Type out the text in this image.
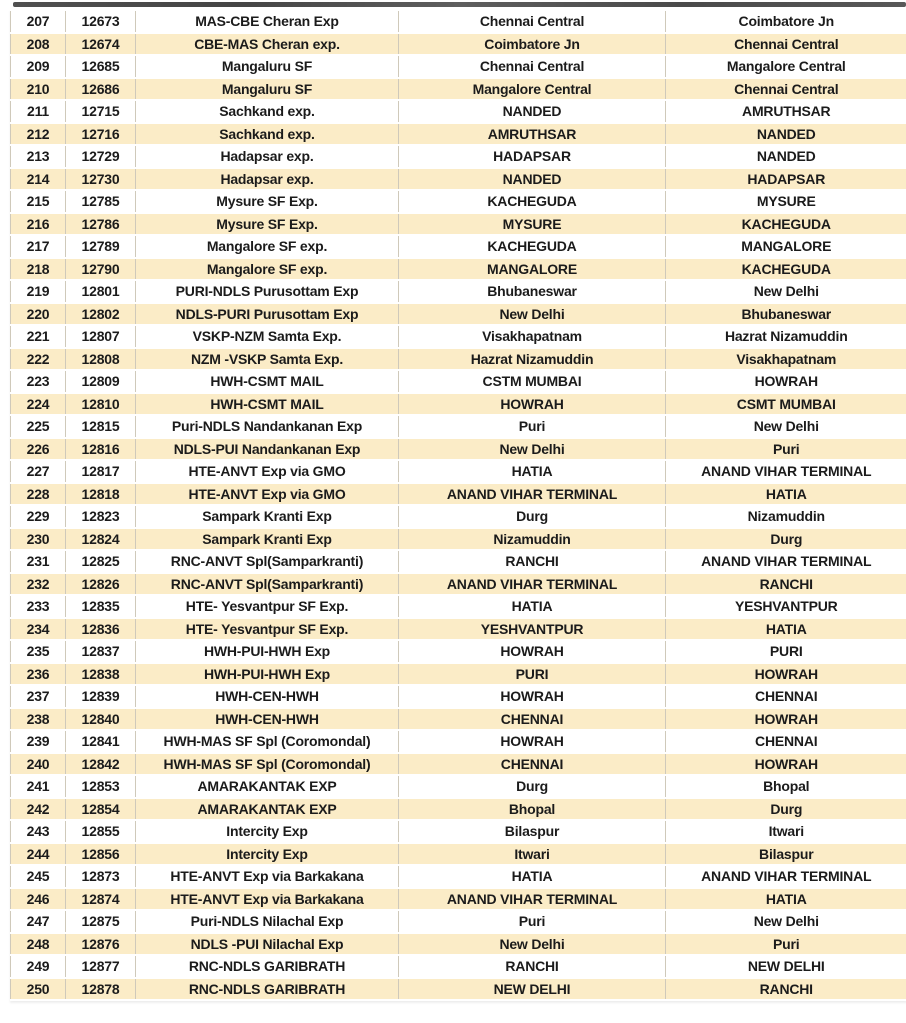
207	12673	MAS-CBE Cheran Exp	Chennai Central	Coimbatore Jn
208	12674	CBE-MAS Cheran exp.	Coimbatore Jn	Chennai Central
209	12685	Mangaluru SF	Chennai Central	Mangalore Central
210	12686	Mangaluru SF	Mangalore Central	Chennai Central
211	12715	Sachkand exp.	NANDED	AMRUTHSAR
212	12716	Sachkand exp.	AMRUTHSAR	NANDED
213	12729	Hadapsar exp.	HADAPSAR	NANDED
214	12730	Hadapsar exp.	NANDED	HADAPSAR
215	12785	Mysure SF Exp.	KACHEGUDA	MYSURE
216	12786	Mysure SF Exp.	MYSURE	KACHEGUDA
217	12789	Mangalore SF exp.	KACHEGUDA	MANGALORE
218	12790	Mangalore SF exp.	MANGALORE	KACHEGUDA
219	12801	PURI-NDLS Purusottam Exp	Bhubaneswar	New Delhi
220	12802	NDLS-PURI Purusottam Exp	New Delhi	Bhubaneswar
221	12807	VSKP-NZM Samta Exp.	Visakhapatnam	Hazrat Nizamuddin
222	12808	NZM -VSKP Samta Exp.	Hazrat Nizamuddin	Visakhapatnam
223	12809	HWH-CSMT MAIL	CSTM MUMBAI	HOWRAH
224	12810	HWH-CSMT MAIL	HOWRAH	CSMT MUMBAI
225	12815	Puri-NDLS Nandankanan Exp	Puri	New Delhi
226	12816	NDLS-PUI Nandankanan Exp	New Delhi	Puri
227	12817	HTE-ANVT Exp via GMO	HATIA	ANAND VIHAR TERMINAL
228	12818	HTE-ANVT Exp via GMO	ANAND VIHAR TERMINAL	HATIA
229	12823	Sampark Kranti Exp	Durg	Nizamuddin
230	12824	Sampark Kranti Exp	Nizamuddin	Durg
231	12825	RNC-ANVT Spl(Samparkranti)	RANCHI	ANAND VIHAR TERMINAL
232	12826	RNC-ANVT Spl(Samparkranti)	ANAND VIHAR TERMINAL	RANCHI
233	12835	HTE- Yesvantpur SF Exp.	HATIA	YESHVANTPUR
234	12836	HTE- Yesvantpur SF Exp.	YESHVANTPUR	HATIA
235	12837	HWH-PUI-HWH Exp	HOWRAH	PURI
236	12838	HWH-PUI-HWH Exp	PURI	HOWRAH
237	12839	HWH-CEN-HWH	HOWRAH	CHENNAI
238	12840	HWH-CEN-HWH	CHENNAI	HOWRAH
239	12841	HWH-MAS SF Spl (Coromondal)	HOWRAH	CHENNAI
240	12842	HWH-MAS SF Spl (Coromondal)	CHENNAI	HOWRAH
241	12853	AMARAKANTAK EXP	Durg	Bhopal
242	12854	AMARAKANTAK EXP	Bhopal	Durg
243	12855	Intercity Exp	Bilaspur	Itwari
244	12856	Intercity Exp	Itwari	Bilaspur
245	12873	HTE-ANVT Exp via Barkakana	HATIA	ANAND VIHAR TERMINAL
246	12874	HTE-ANVT Exp via Barkakana	ANAND VIHAR TERMINAL	HATIA
247	12875	Puri-NDLS Nilachal Exp	Puri	New Delhi
248	12876	NDLS -PUI Nilachal Exp	New Delhi	Puri
249	12877	RNC-NDLS GARIBRATH	RANCHI	NEW DELHI
250	12878	RNC-NDLS GARIBRATH	NEW DELHI	RANCHI
